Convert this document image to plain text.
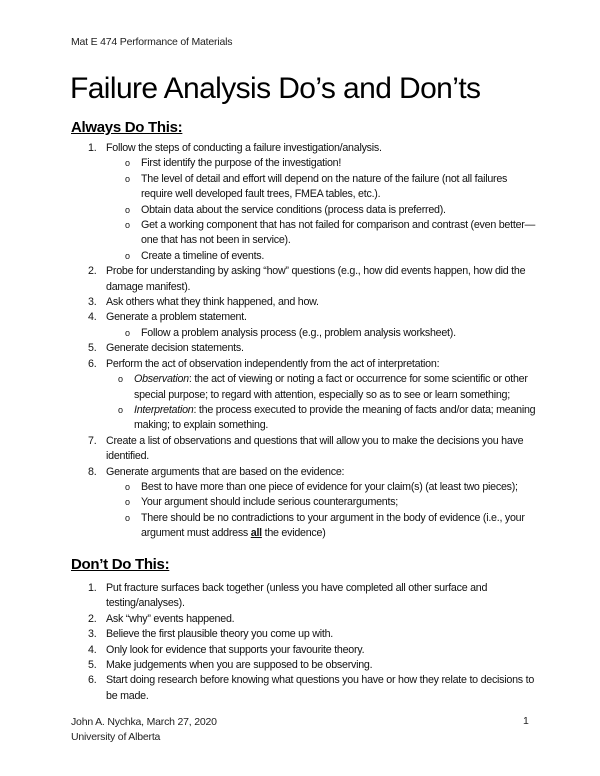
Mat E 474 Performance of Materials
Failure Analysis Do’s and Don’ts
Always Do This:
1. Follow the steps of conducting a failure investigation/analysis.
o First identify the purpose of the investigation!
o The level of detail and effort will depend on the nature of the failure (not all failures require well developed fault trees, FMEA tables, etc.).
o Obtain data about the service conditions (process data is preferred).
o Get a working component that has not failed for comparison and contrast (even better—one that has not been in service).
o Create a timeline of events.
2. Probe for understanding by asking “how” questions (e.g., how did events happen, how did the damage manifest).
3. Ask others what they think happened, and how.
4. Generate a problem statement.
o Follow a problem analysis process (e.g., problem analysis worksheet).
5. Generate decision statements.
6. Perform the act of observation independently from the act of interpretation:
o Observation: the act of viewing or noting a fact or occurrence for some scientific or other special purpose; to regard with attention, especially so as to see or learn something;
o Interpretation: the process executed to provide the meaning of facts and/or data; meaning making; to explain something.
7. Create a list of observations and questions that will allow you to make the decisions you have identified.
8. Generate arguments that are based on the evidence:
o Best to have more than one piece of evidence for your claim(s) (at least two pieces);
o Your argument should include serious counterarguments;
o There should be no contradictions to your argument in the body of evidence (i.e., your argument must address all the evidence)
Don’t Do This:
1. Put fracture surfaces back together (unless you have completed all other surface and testing/analyses).
2. Ask “why” events happened.
3. Believe the first plausible theory you come up with.
4. Only look for evidence that supports your favourite theory.
5. Make judgements when you are supposed to be observing.
6. Start doing research before knowing what questions you have or how they relate to decisions to be made.
John A. Nychka, March 27, 2020
University of Alberta
1
